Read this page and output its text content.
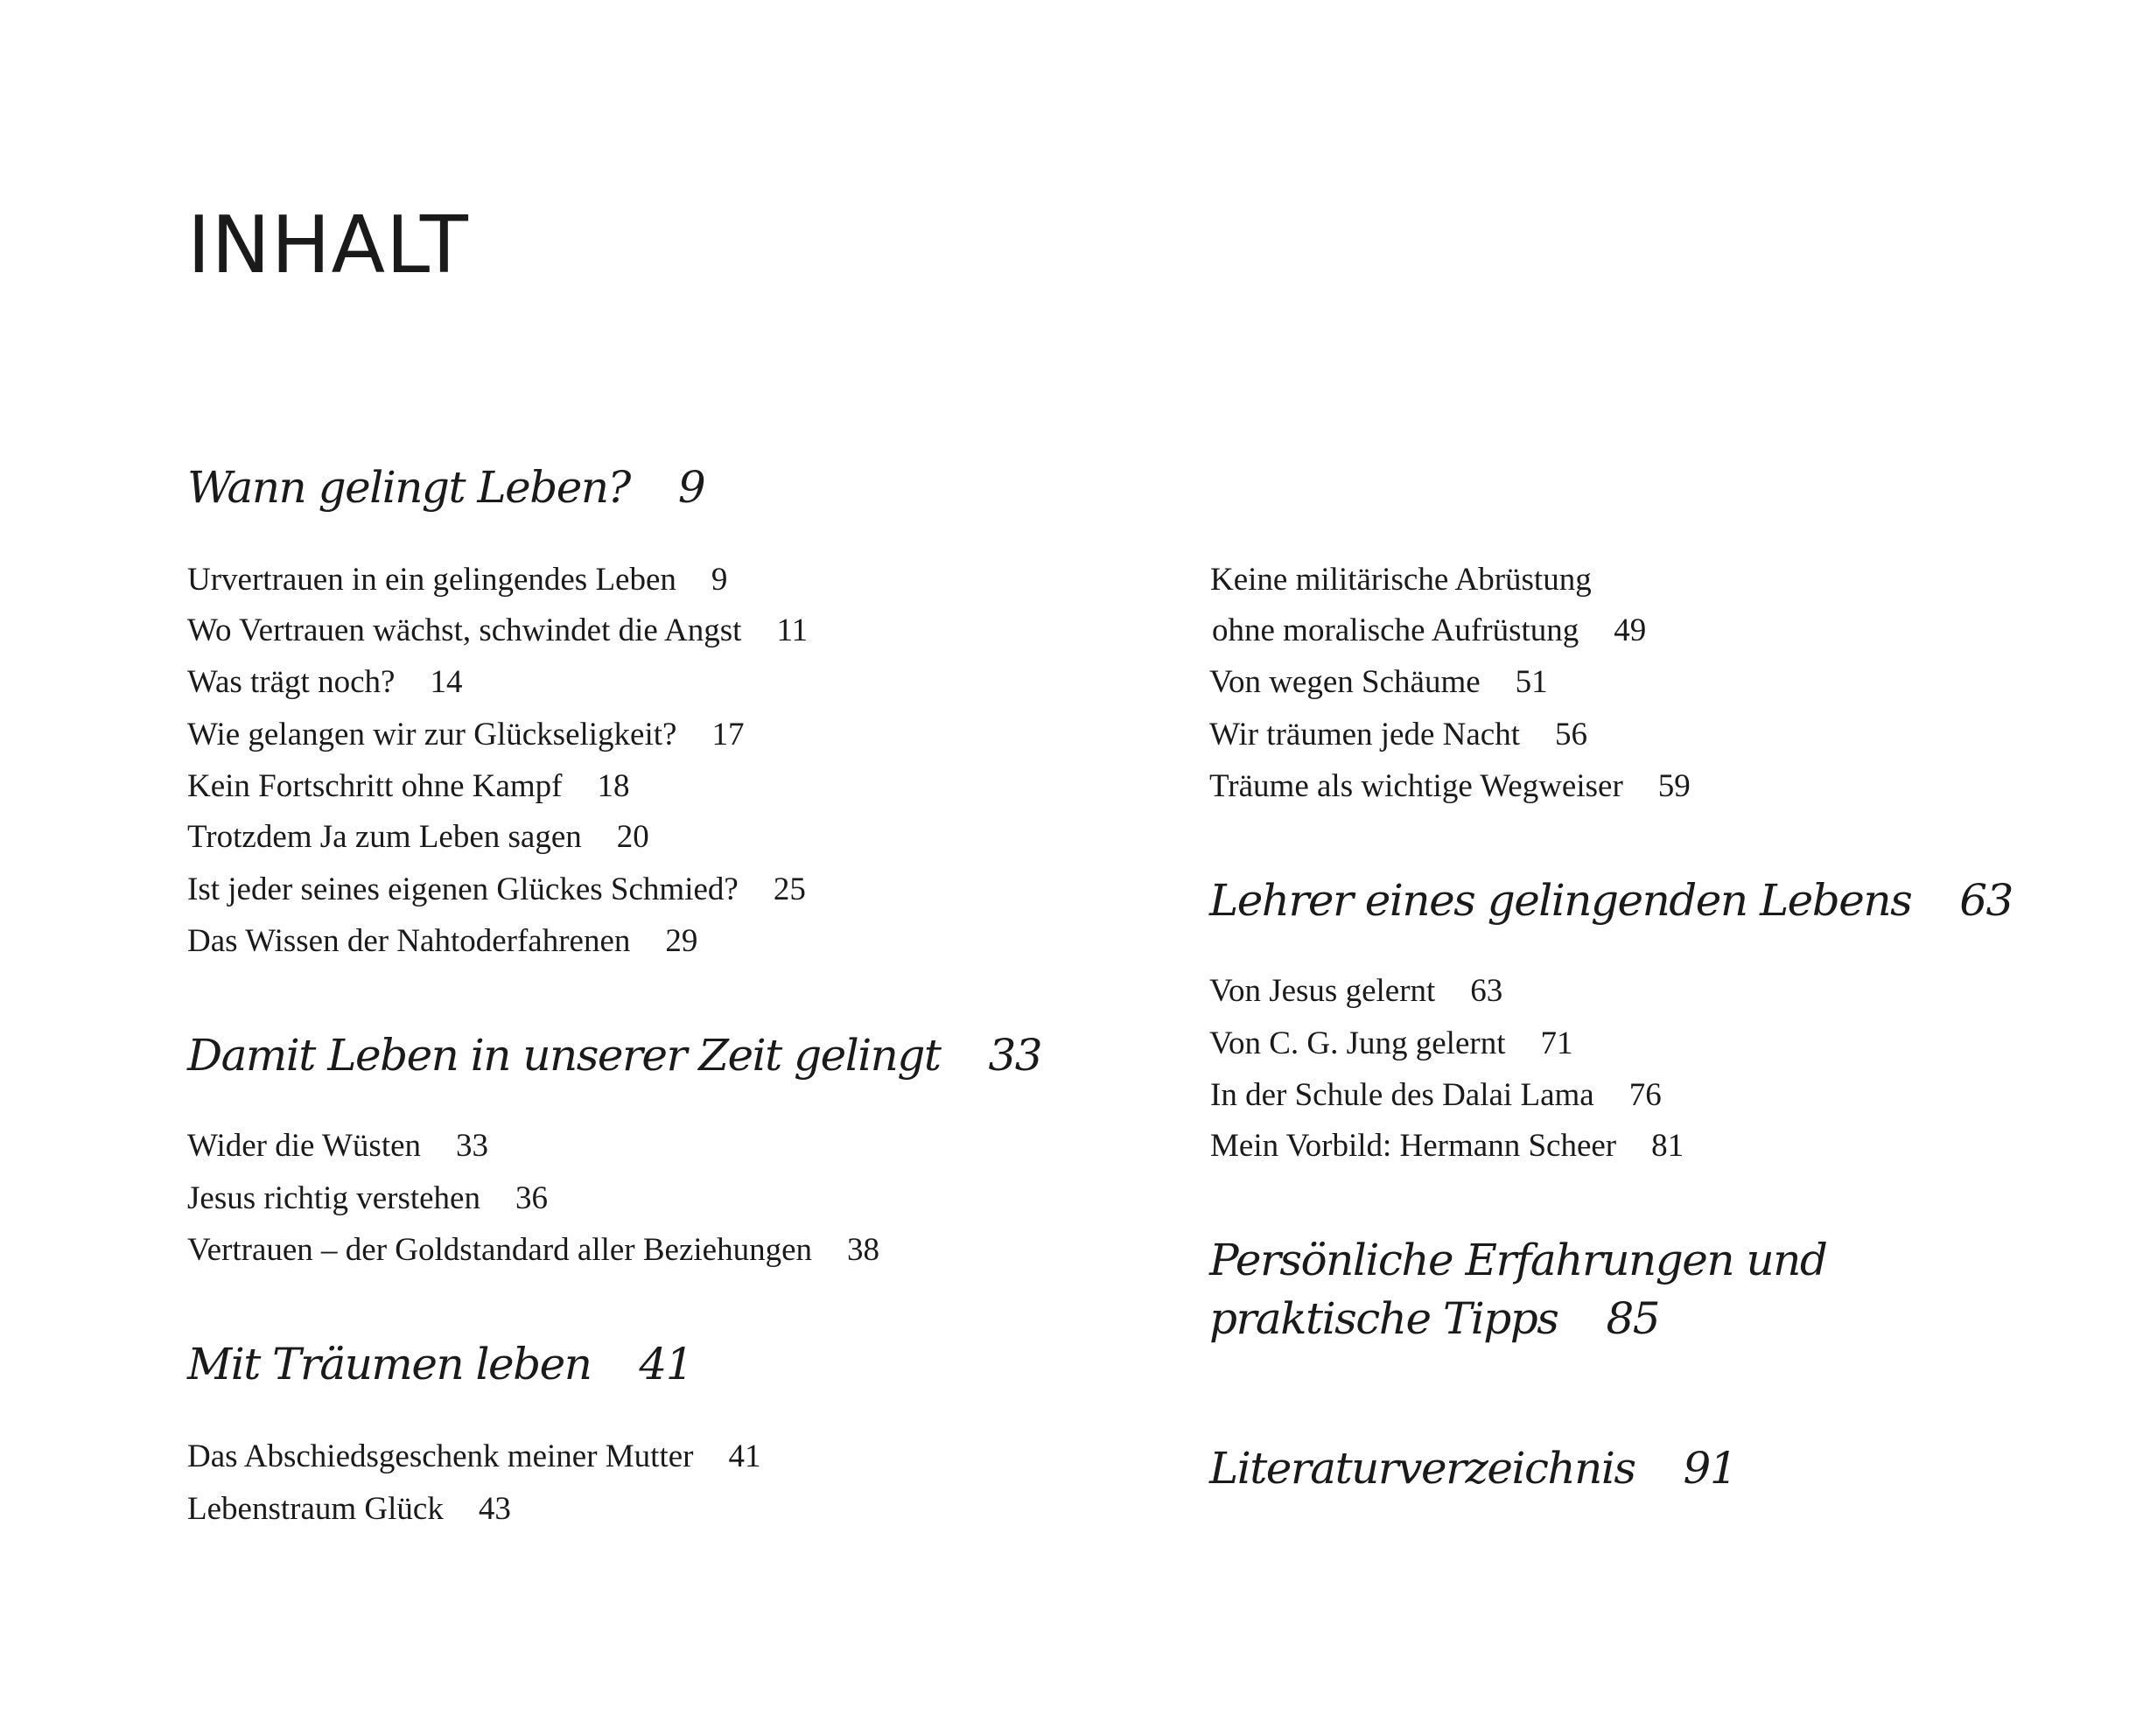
INHALT
Wann gelingt Leben? 9
Urvertrauen in ein gelingendes Leben 9
Wo Vertrauen wächst, schwindet die Angst 11
Was trägt noch? 14
Wie gelangen wir zur Glückseligkeit? 17
Kein Fortschritt ohne Kampf 18
Trotzdem Ja zum Leben sagen 20
Ist jeder seines eigenen Glückes Schmied? 25
Das Wissen der Nahtoderfahrenen 29
Damit Leben in unserer Zeit gelingt 33
Wider die Wüsten 33
Jesus richtig verstehen 36
Vertrauen – der Goldstandard aller Beziehungen 38
Mit Träumen leben 41
Das Abschiedsgeschenk meiner Mutter 41
Lebenstraum Glück 43
Keine militärische Abrüstung
ohne moralische Aufrüstung 49
Von wegen Schäume 51
Wir träumen jede Nacht 56
Träume als wichtige Wegweiser 59
Lehrer eines gelingenden Lebens 63
Von Jesus gelernt 63
Von C. G. Jung gelernt 71
In der Schule des Dalai Lama 76
Mein Vorbild: Hermann Scheer 81
Persönliche Erfahrungen und
praktische Tipps 85
Literaturverzeichnis 91
